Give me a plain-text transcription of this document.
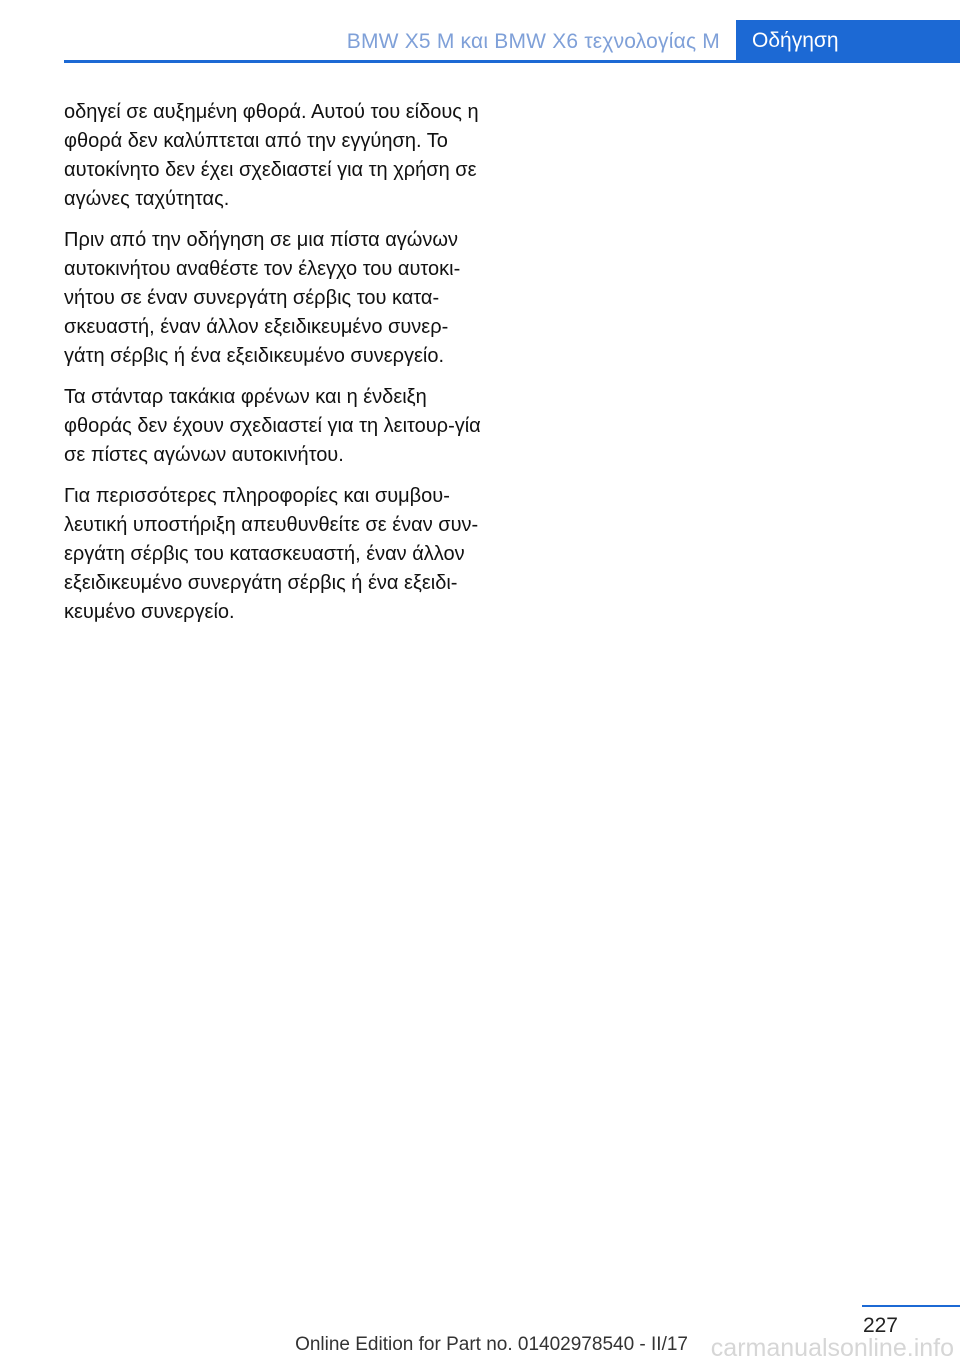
BMW X5 M και BMW X6 τεχνολογίας M	Οδήγηση

οδηγεί σε αυξημένη φθορά. Αυτού του είδους η φθορά δεν καλύπτεται από την εγγύηση. Το αυτοκίνητο δεν έχει σχεδιαστεί για τη χρήση σε αγώνες ταχύτητας.

Πριν από την οδήγηση σε μια πίστα αγώνων αυτοκινήτου αναθέστε τον έλεγχο του αυτοκι-νήτου σε έναν συνεργάτη σέρβις του κατα-σκευαστή, έναν άλλον εξειδικευμένο συνερ-γάτη σέρβις ή ένα εξειδικευμένο συνεργείο.

Τα στάνταρ τακάκια φρένων και η ένδειξη φθοράς δεν έχουν σχεδιαστεί για τη λειτουρ-γία σε πίστες αγώνων αυτοκινήτου.

Για περισσότερες πληροφορίες και συμβου-λευτική υποστήριξη απευθυνθείτε σε έναν συν-εργάτη σέρβις του κατασκευαστή, έναν άλλον εξειδικευμένο συνεργάτη σέρβις ή ένα εξειδι-κευμένο συνεργείο.

227
Online Edition for Part no. 01402978540 - II/17 carmanualsonline.info
